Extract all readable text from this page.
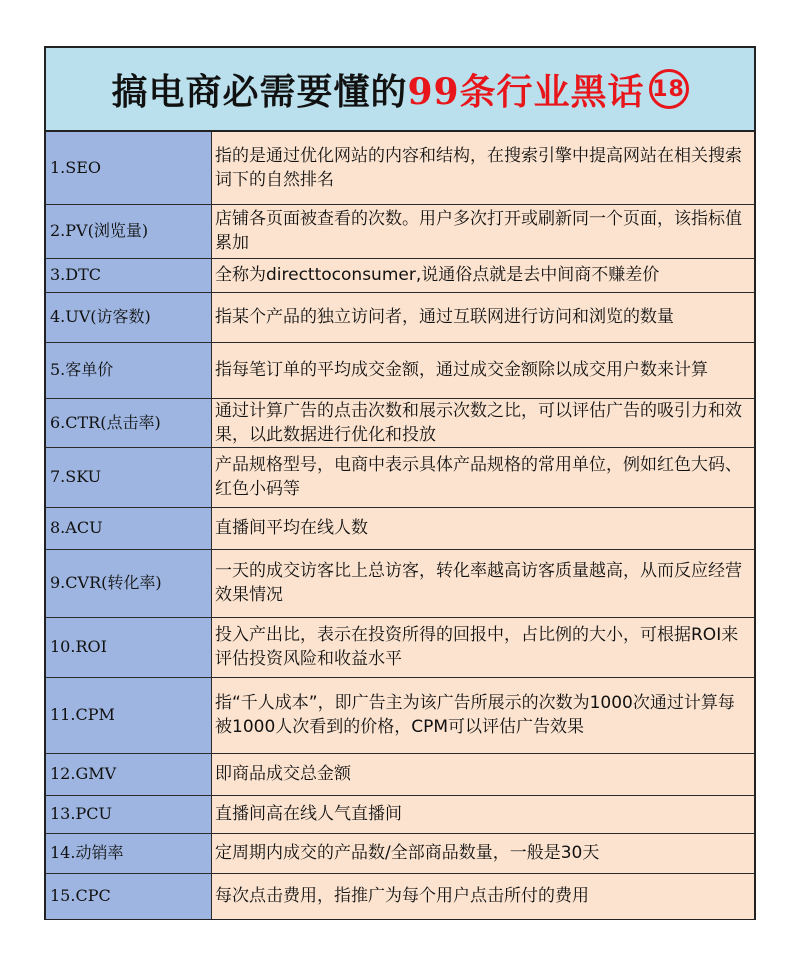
搞电商必需要懂的 99条行业黑话 18
1.SEO	指的是通过优化网站的内容和结构，在搜索引擎中提高网站在相关搜索词下的自然排名
2.PV(浏览量)	店铺各页面被查看的次数。用户多次打开或刷新同一个页面，该指标值累加
3.DTC	全称为directtoconsumer,说通俗点就是去中间商不赚差价
4.UV(访客数)	指某个产品的独立访问者，通过互联网进行访问和浏览的数量
5.客单价	指每笔订单的平均成交金额，通过成交金额除以成交用户数来计算
6.CTR(点击率)	通过计算广告的点击次数和展示次数之比，可以评估广告的吸引力和效果，以此数据进行优化和投放
7.SKU	产品规格型号，电商中表示具体产品规格的常用单位，例如红色大码、红色小码等
8.ACU	直播间平均在线人数
9.CVR(转化率)	一天的成交访客比上总访客，转化率越高访客质量越高，从而反应经营效果情况
10.ROI	投入产出比，表示在投资所得的回报中，占比例的大小，可根据ROI来评估投资风险和收益水平
11.CPM	指“千人成本”，即广告主为该广告所展示的次数为1000次通过计算每被1000人次看到的价格，CPM可以评估广告效果
12.GMV	即商品成交总金额
13.PCU	直播间高在线人气直播间
14.动销率	定周期内成交的产品数/全部商品数量，一般是30天
15.CPC	每次点击费用，指推广为每个用户点击所付的费用
